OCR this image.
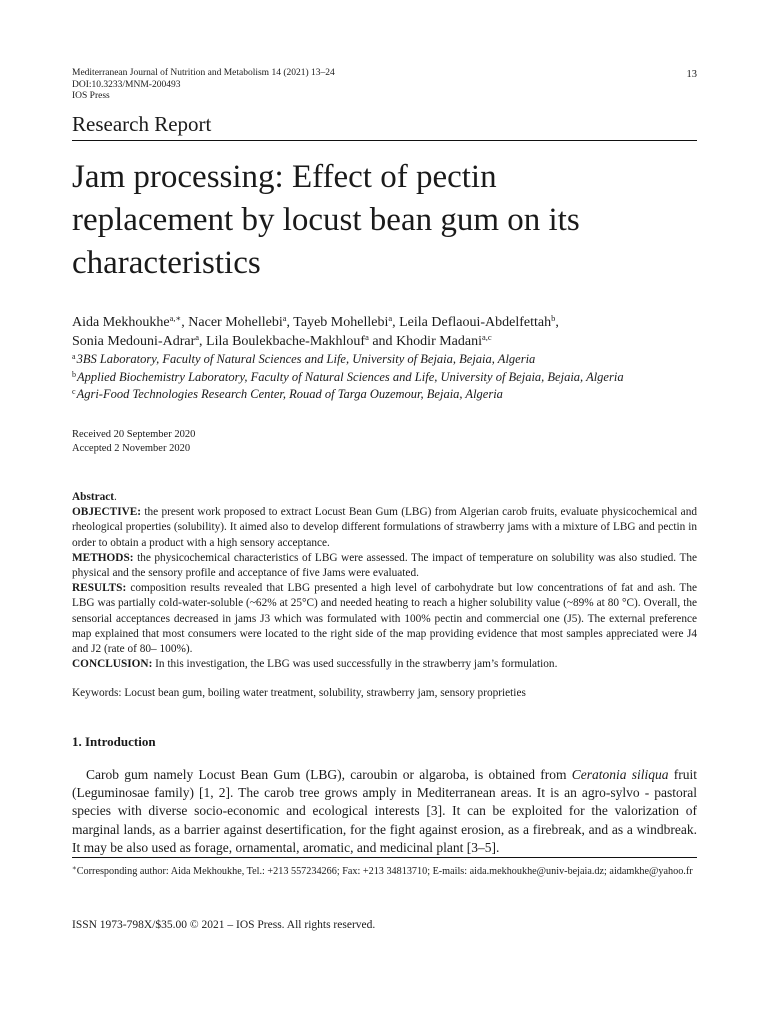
Mediterranean Journal of Nutrition and Metabolism 14 (2021) 13–24
DOI:10.3233/MNM-200493
IOS Press
13
Research Report
Jam processing: Effect of pectin
replacement by locust bean gum on its
characteristics
Aida Mekhoukhe$^{a,∗}$, Nacer Mohellebi$^a$, Tayeb Mohellebi$^a$, Leila Deflaoui-Abdelfettah$^b$,
Sonia Medouni-Adrar$^a$, Lila Boulekbache-Makhlouf$^a$ and Khodir Madani$^{a,c}$
$^a$3BS Laboratory, Faculty of Natural Sciences and Life, University of Bejaia, Bejaia, Algeria
$^b$Applied Biochemistry Laboratory, Faculty of Natural Sciences and Life, University of Bejaia, Bejaia, Algeria
$^c$Agri-Food Technologies Research Center, Rouad of Targa Ouzemour, Bejaia, Algeria
Received 20 September 2020
Accepted 2 November 2020

Abstract.

OBJECTIVE: the present work proposed to extract Locust Bean Gum (LBG) from Algerian carob fruits, evaluate physicochemical and rheological properties (solubility). It aimed also to develop different formulations of strawberry jams with a mixture of LBG and pectin in order to obtain a product with a high sensory acceptance.

METHODS: the physicochemical characteristics of LBG were assessed. The impact of temperature on solubility was also studied. The physical and the sensory profile and acceptance of five Jams were evaluated.

RESULTS: composition results revealed that LBG presented a high level of carbohydrate but low concentrations of fat and ash. The LBG was partially cold-water-soluble (~62% at 25°C) and needed heating to reach a higher solubility value (~89% at 80 °C). Overall, the sensorial acceptances decreased in jams J3 which was formulated with 100% pectin and commercial one (J5). The external preference map explained that most consumers were located to the right side of the map providing evidence that most samples appreciated were J4 and J2 (rate of 80– 100%).

CONCLUSION: In this investigation, the LBG was used successfully in the strawberry jam’s formulation.

Keywords: Locust bean gum, boiling water treatment, solubility, strawberry jam, sensory proprieties
1. Introduction

Carob gum namely Locust Bean Gum (LBG), caroubin or algaroba, is obtained from Ceratonia siliqua fruit (Leguminosae family) [1, 2]. The carob tree grows amply in Mediterranean areas. It is an agro-sylvo - pastoral species with diverse socio-economic and ecological interests [3]. It can be exploited for the valorization of marginal lands, as a barrier against desertification, for the fight against erosion, as a firebreak, and as a windbreak. It may be also used as forage, ornamental, aromatic, and medicinal plant [3–5].

∗Corresponding author: Aida Mekhoukhe, Tel.: +213 557234266; Fax: +213 34813710; E-mails: aida.mekhoukhe@univ-bejaia.dz; aidamkhe@yahoo.fr
ISSN 1973-798X/$35.00 © 2021 – IOS Press. All rights reserved.
